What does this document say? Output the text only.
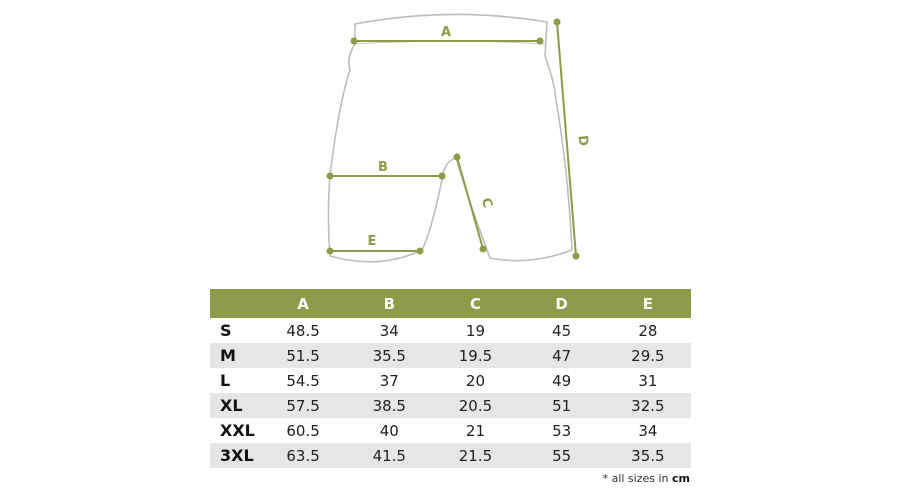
A
B
E
C
D
	A	B	C	D	E
S	48.5	34	19	45	28
M	51.5	35.5	19.5	47	29.5
L	54.5	37	20	49	31
XL	57.5	38.5	20.5	51	32.5
XXL	60.5	40	21	53	34
3XL	63.5	41.5	21.5	55	35.5
* all sizes in cm
